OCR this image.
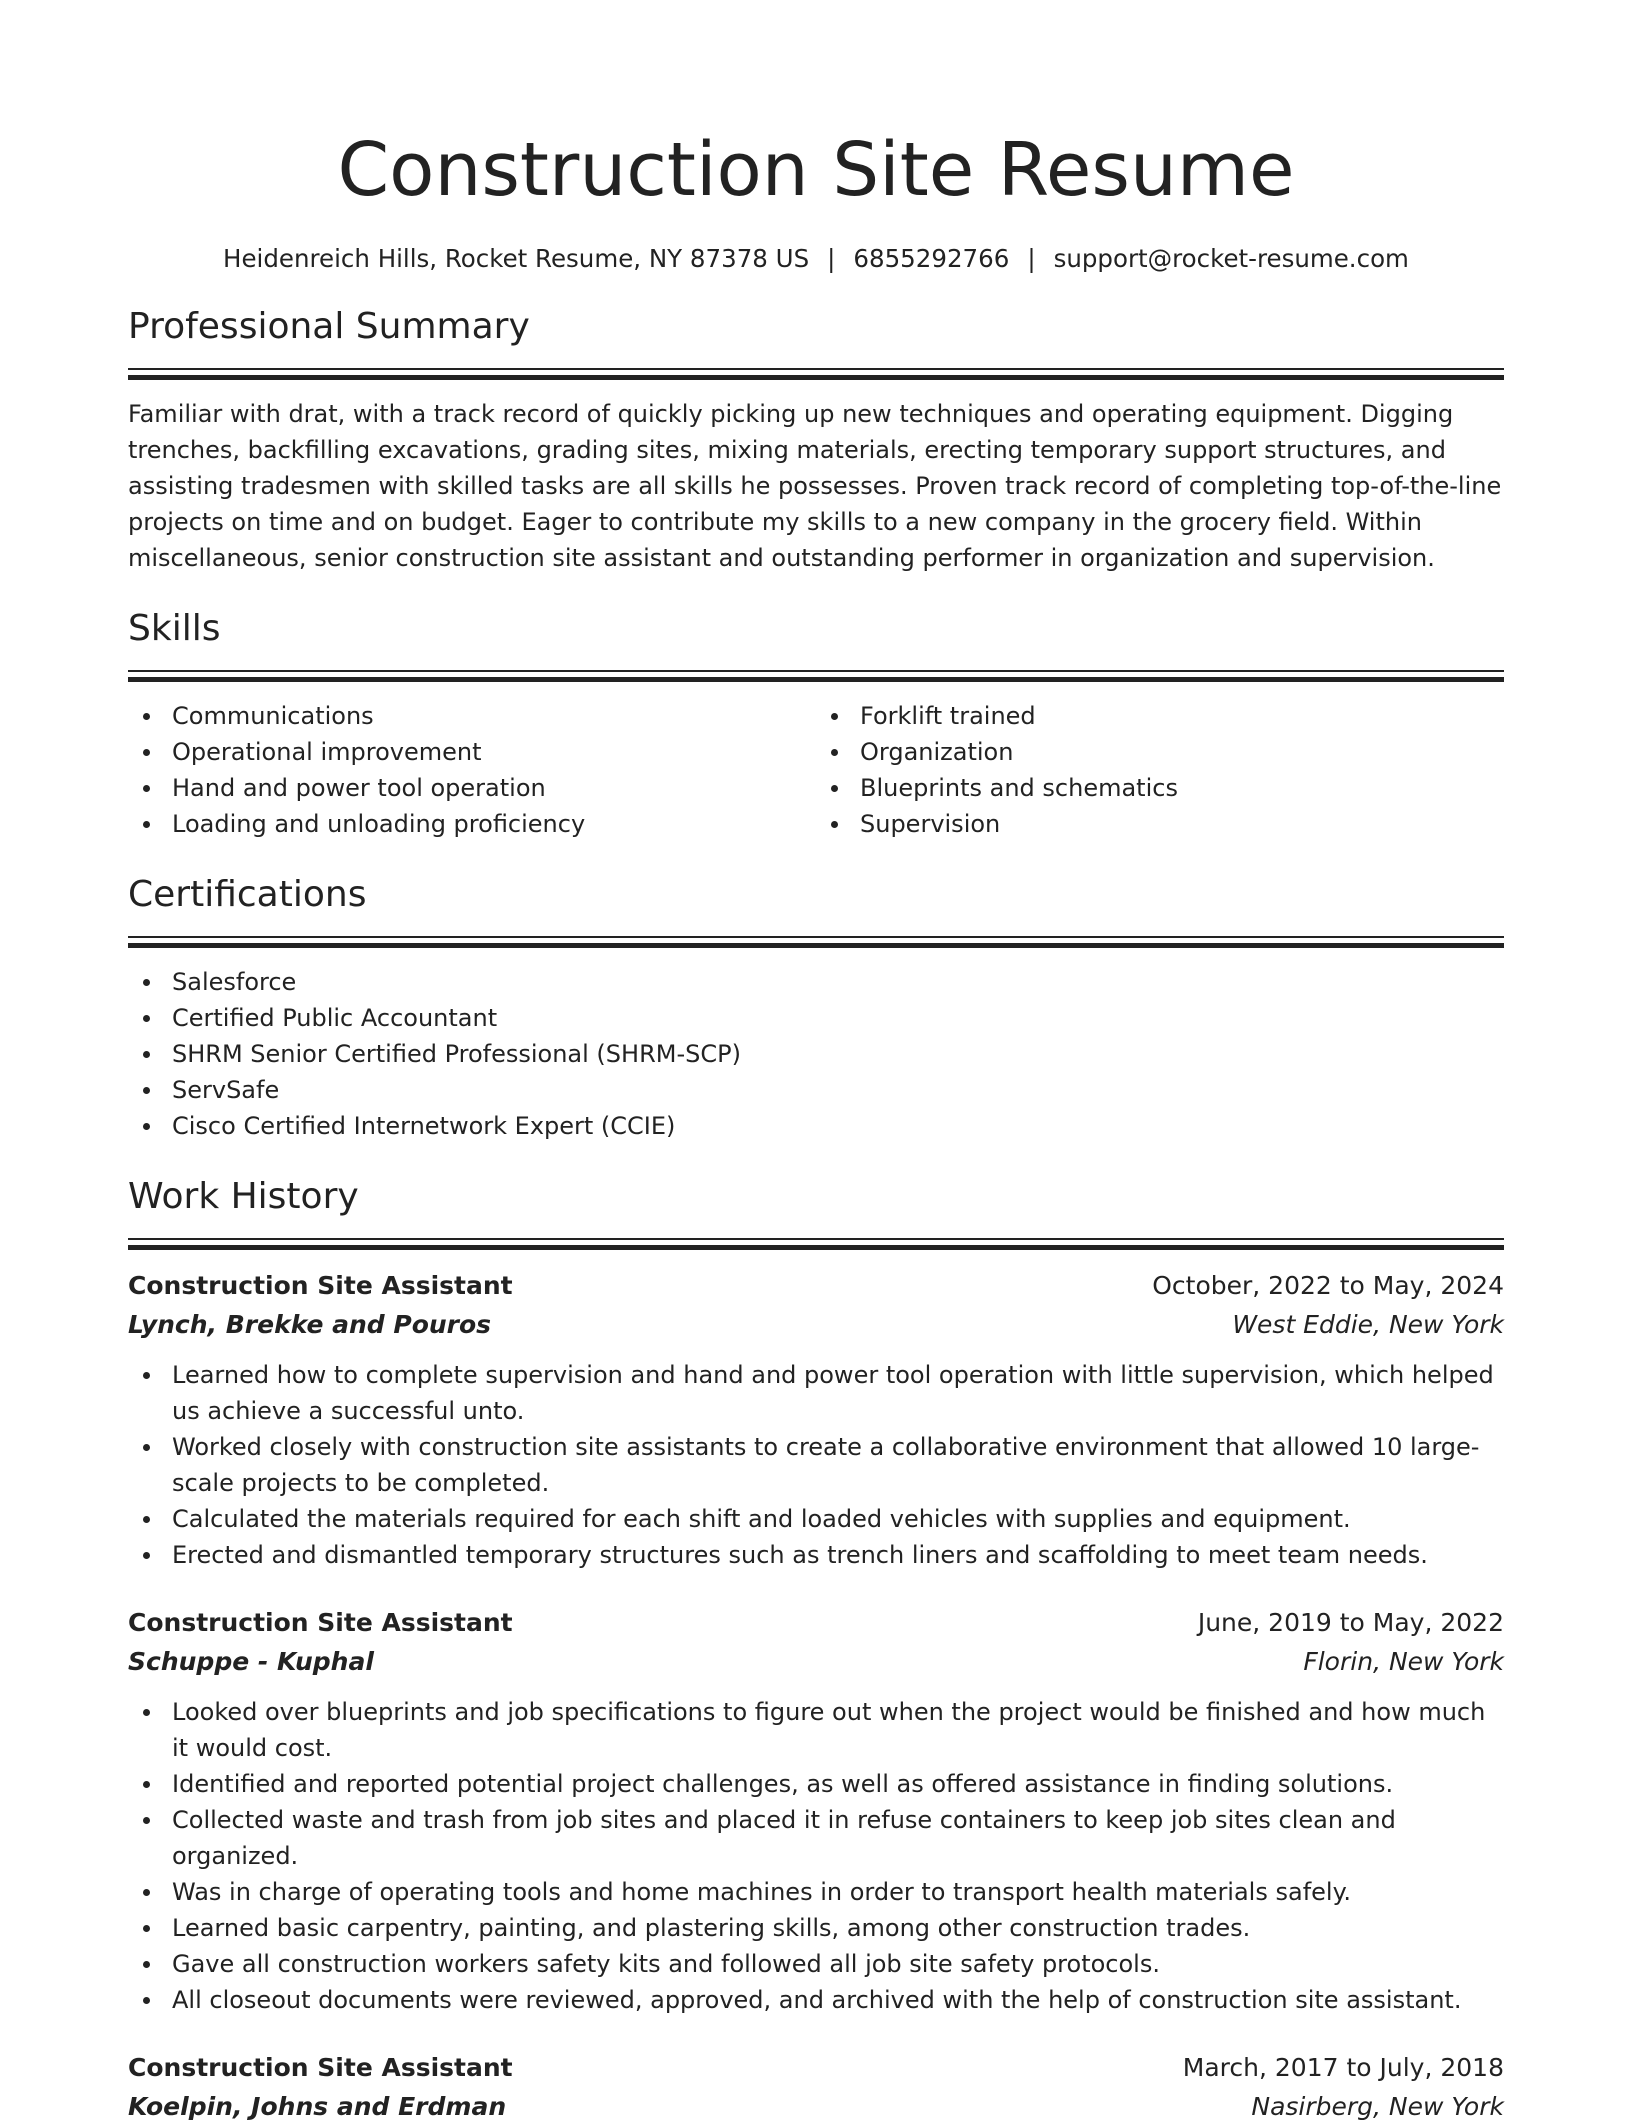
Construction Site Resume
Heidenreich Hills, Rocket Resume, NY 87378 US | 6855292766 | support@rocket-resume.com
Professional Summary
Familiar with drat, with a track record of quickly picking up new techniques and operating equipment. Digging trenches, backfilling excavations, grading sites, mixing materials, erecting temporary support structures, and assisting tradesmen with skilled tasks are all skills he possesses. Proven track record of completing top-of-the-line projects on time and on budget. Eager to contribute my skills to a new company in the grocery field. Within miscellaneous, senior construction site assistant and outstanding performer in organization and supervision.
Skills
Communications
Operational improvement
Hand and power tool operation
Loading and unloading proficiency
Forklift trained
Organization
Blueprints and schematics
Supervision
Certifications
Salesforce
Certified Public Accountant
SHRM Senior Certified Professional (SHRM-SCP)
ServSafe
Cisco Certified Internetwork Expert (CCIE)
Work History
Construction Site Assistant	October, 2022 to May, 2024
Lynch, Brekke and Pouros	West Eddie, New York
Learned how to complete supervision and hand and power tool operation with little supervision, which helped us achieve a successful unto.
Worked closely with construction site assistants to create a collaborative environment that allowed 10 large-scale projects to be completed.
Calculated the materials required for each shift and loaded vehicles with supplies and equipment.
Erected and dismantled temporary structures such as trench liners and scaffolding to meet team needs.
Construction Site Assistant	June, 2019 to May, 2022
Schuppe - Kuphal	Florin, New York
Looked over blueprints and job specifications to figure out when the project would be finished and how much it would cost.
Identified and reported potential project challenges, as well as offered assistance in finding solutions.
Collected waste and trash from job sites and placed it in refuse containers to keep job sites clean and organized.
Was in charge of operating tools and home machines in order to transport health materials safely.
Learned basic carpentry, painting, and plastering skills, among other construction trades.
Gave all construction workers safety kits and followed all job site safety protocols.
All closeout documents were reviewed, approved, and archived with the help of construction site assistant.
Construction Site Assistant	March, 2017 to July, 2018
Koelpin, Johns and Erdman	Nasirberg, New York
